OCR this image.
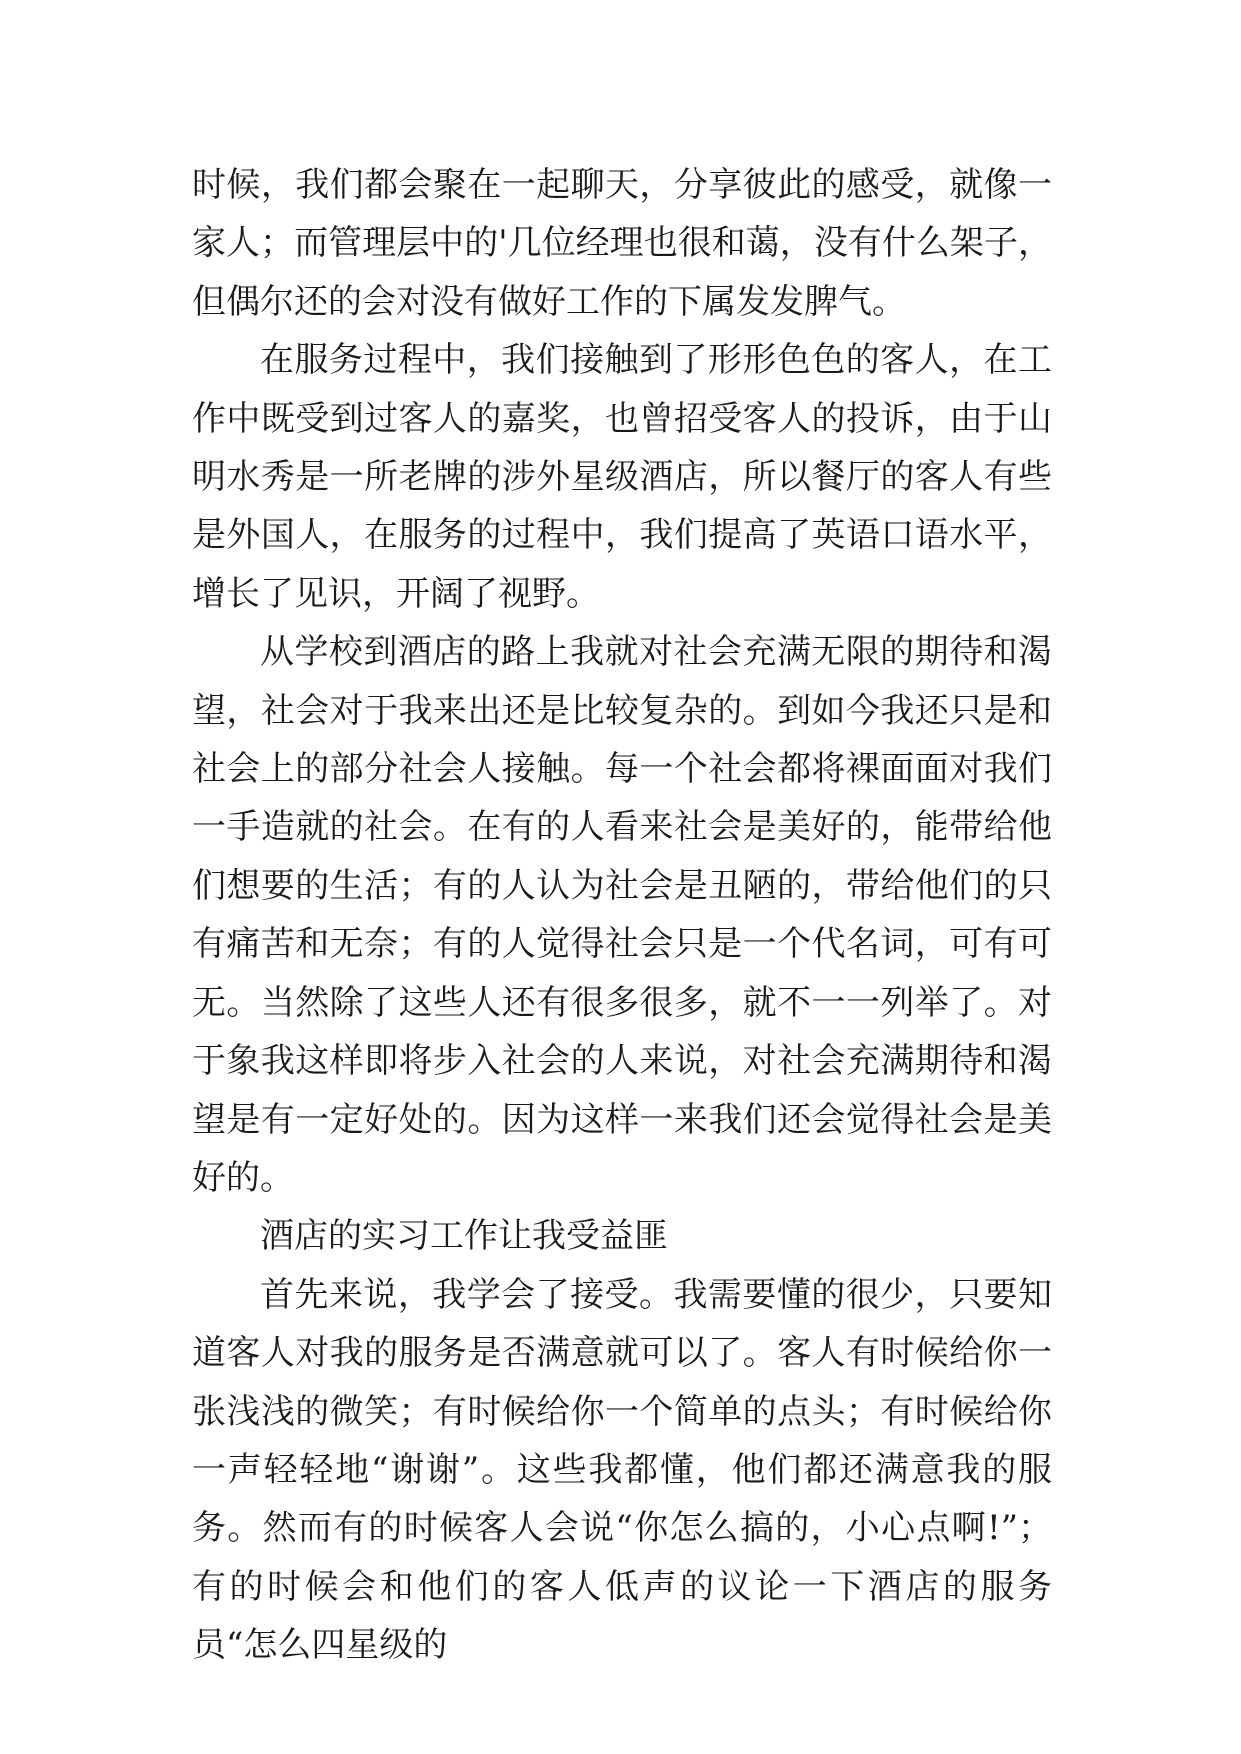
时候，我们都会聚在一起聊天，分享彼此的感受，就像一家人；而管理层中的'几位经理也很和蔼，没有什么架子，但偶尔还的会对没有做好工作的下属发发脾气。

在服务过程中，我们接触到了形形色色的客人，在工作中既受到过客人的嘉奖，也曾招受客人的投诉，由于山明水秀是一所老牌的涉外星级酒店，所以餐厅的客人有些是外国人，在服务的过程中，我们提高了英语口语水平，增长了见识，开阔了视野。

从学校到酒店的路上我就对社会充满无限的期待和渴望，社会对于我来出还是比较复杂的。到如今我还只是和社会上的部分社会人接触。每一个社会都将裸面面对我们一手造就的社会。在有的人看来社会是美好的，能带给他们想要的生活；有的人认为社会是丑陋的，带给他们的只有痛苦和无奈；有的人觉得社会只是一个代名词，可有可无。当然除了这些人还有很多很多，就不一一列举了。对于象我这样即将步入社会的人来说，对社会充满期待和渴望是有一定好处的。因为这样一来我们还会觉得社会是美好的。

酒店的实习工作让我受益匪

首先来说，我学会了接受。我需要懂的很少，只要知道客人对我的服务是否满意就可以了。客人有时候给你一张浅浅的微笑；有时候给你一个简单的点头；有时候给你一声轻轻地“谢谢”。这些我都懂，他们都还满意我的服务。然而有的时候客人会说“你怎么搞的，小心点啊!”；有的时候会和他们的客人低声的议论一下酒店的服务员“怎么四星级的
